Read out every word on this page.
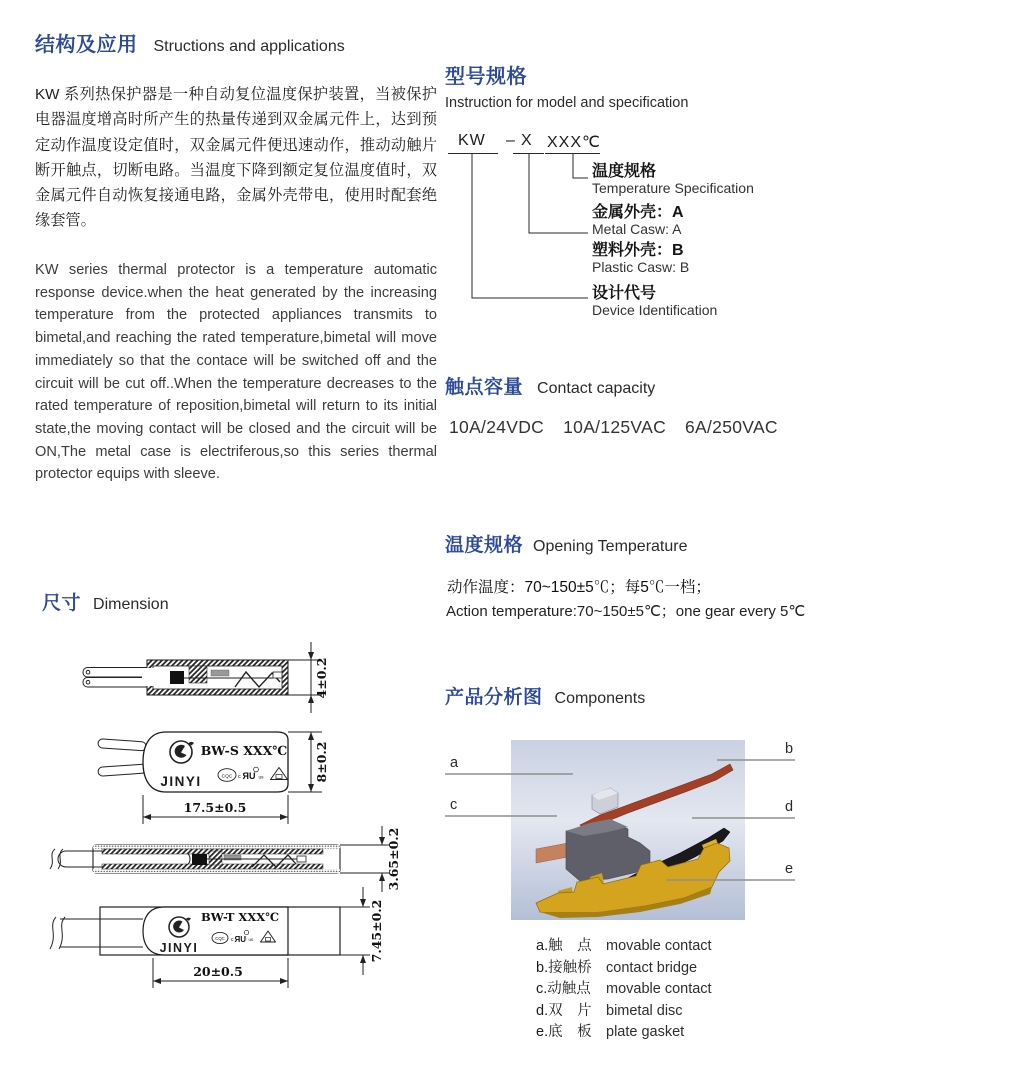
结构及应用 Structions and applications

KW 系列热保护器是一种自动复位温度保护装置，当被保护电器温度增高时所产生的热量传递到双金属元件上，达到预定动作温度设定值时，双金属元件便迅速动作，推动动触片断开触点，切断电路。当温度下降到额定复位温度值时，双金属元件自动恢复接通电路，金属外壳带电，使用时配套绝缘套管。

KW series thermal protector is a temperature automatic response device.when the heat generated by the increasing temperature from the protected appliances transmits to bimetal,and reaching the rated temperature,bimetal will move immediately so that the contace will be switched off and the circuit will be cut off..When the temperature decreases to the rated temperature of reposition,bimetal will return to its initial state,the moving contact will be closed and the circuit will be ON,The metal case is electriferous,so this series thermal protector equips with sleeve.

尺寸 Dimension
4±0.2
JINYI
BW-S XXX℃
CQC c ЯU us	8±0.2
17.5±0.5
3.65±0.2
JINYI
BW-T XXX℃
CQC c ЯU us
20±0.5
7.45±0.2
型号规格
Instruction for model and specification
KW – X XXX℃
温度规格
Temperature Specification
金属外壳：A
Metal Casw: A
塑料外壳：B
Plastic Casw: B
设计代号
Device Identification
触点容量 Contact capacity
10A/24VDC 10A/125VAC 6A/250VAC
温度规格 Opening Temperature
动作温度：70~150±5℃；每5℃一档；
Action temperature:70~150±5℃；one gear every 5℃
产品分析图 Components
a
b
c	d
e
a.触　点 movable contact
b.接触桥 contact bridge
c.动触点 movable contact
d.双　片 bimetal disc
e.底　板 plate gasket
